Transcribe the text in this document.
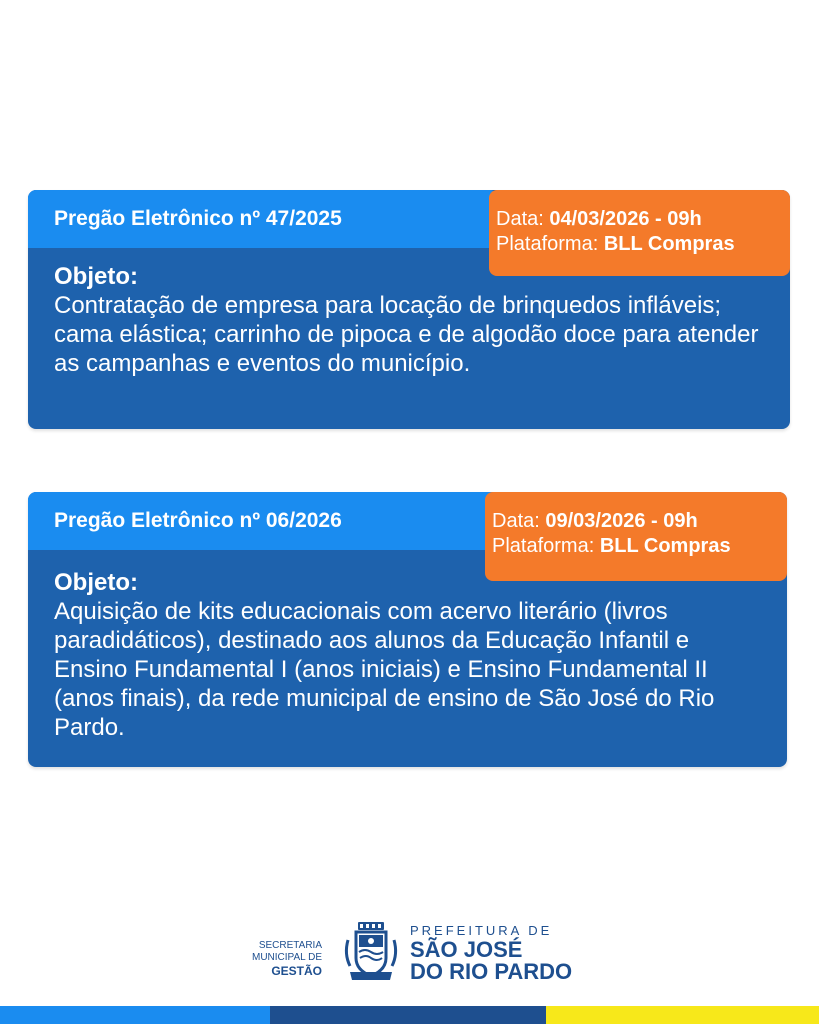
Pregão Eletrônico nº 47/2025	Data: 04/03/2026 - 09h
Plataforma: BLL Compras
Objeto:
Contratação de empresa para locação de brinquedos infláveis; cama elástica; carrinho de pipoca e de algodão doce para atender as campanhas e eventos do município.
Pregão Eletrônico nº 06/2026	Data: 09/03/2026 - 09h
Plataforma: BLL Compras
Objeto:
Aquisição de kits educacionais com acervo literário (livros paradidáticos), destinado aos alunos da Educação Infantil e Ensino Fundamental I (anos iniciais) e Ensino Fundamental II (anos finais), da rede municipal de ensino de São José do Rio Pardo.
SECRETARIA
MUNICIPAL DE
GESTÃO
PREFEITURA DE
SÃO JOSÉ
DO RIO PARDO
